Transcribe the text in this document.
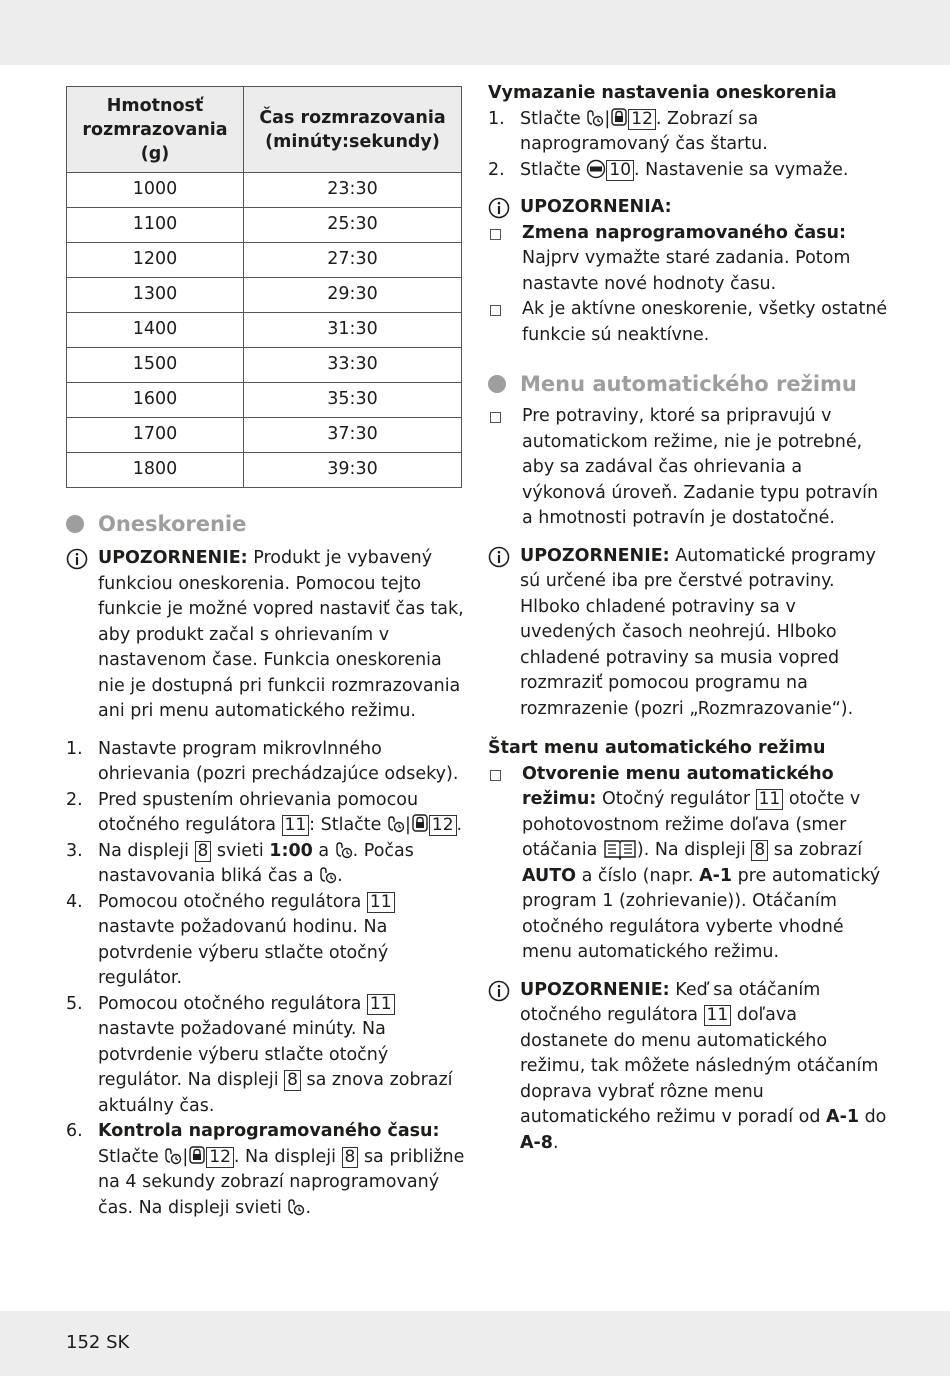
Hmotnosť rozmrazovania (g)	Čas rozmrazovania (minúty:sekundy)
1000	23:30
1100	25:30
1200	27:30
1300	29:30
1400	31:30
1500	33:30
1600	35:30
1700	37:30
1800	39:30
Oneskorenie
UPOZORNENIE: Produkt je vybavený funkciou oneskorenia. Pomocou tejto funkcie je možné vopred nastaviť čas tak, aby produkt začal s ohrievaním v nastavenom čase. Funkcia oneskorenia nie je dostupná pri funkcii rozmrazovania ani pri menu automatického režimu.
1. Nastavte program mikrovlnného ohrievania (pozri prechádzajúce odseky).
2. Pred spustením ohrievania pomocou otočného regulátora 11 : Stlačte | 12 .
3. Na displeji 8 svieti 1:00 a . Počas nastavovania bliká čas a .
4. Pomocou otočného regulátora 11 nastavte požadovanú hodinu. Na potvrdenie výberu stlačte otočný regulátor.
5. Pomocou otočného regulátora 11 nastavte požadované minúty. Na potvrdenie výberu stlačte otočný regulátor. Na displeji 8 sa znova zobrazí aktuálny čas.
6. Kontrola naprogramovaného času:
Stlačte | 12 . Na displeji 8 sa približne na 4 sekundy zobrazí naprogramovaný čas. Na displeji svieti .
Vymazanie nastavenia oneskorenia
1. Stlačte | 12 . Zobrazí sa naprogramovaný čas štartu.
2. Stlačte 10 . Nastavenie sa vymaže.
UPOZORNENIA:
Zmena naprogramovaného času:
Najprv vymažte staré zadania. Potom nastavte nové hodnoty času.
Ak je aktívne oneskorenie, všetky ostatné funkcie sú neaktívne.
Menu automatického režimu
Pre potraviny, ktoré sa pripravujú v automatickom režime, nie je potrebné, aby sa zadával čas ohrievania a výkonová úroveň. Zadanie typu potravín a hmotnosti potravín je dostatočné.
UPOZORNENIE: Automatické programy sú určené iba pre čerstvé potraviny. Hlboko chladené potraviny sa v uvedených časoch neohrejú. Hlboko chladené potraviny sa musia vopred rozmraziť pomocou programu na rozmrazenie (pozri „Rozmrazovanie“).
Štart menu automatického režimu
Otvorenie menu automatického režimu: Otočný regulátor 11 otočte v pohotovostnom režime doľava (smer otáčania ). Na displeji 8 sa zobrazí AUTO a číslo (napr. A-1 pre automatický program 1 (zohrievanie)). Otáčaním otočného regulátora vyberte vhodné menu automatického režimu.
UPOZORNENIE: Keď sa otáčaním otočného regulátora 11 doľava dostanete do menu automatického režimu, tak môžete následným otáčaním doprava vybrať rôzne menu automatického režimu v poradí od A-1 do A-8.
152 SK
